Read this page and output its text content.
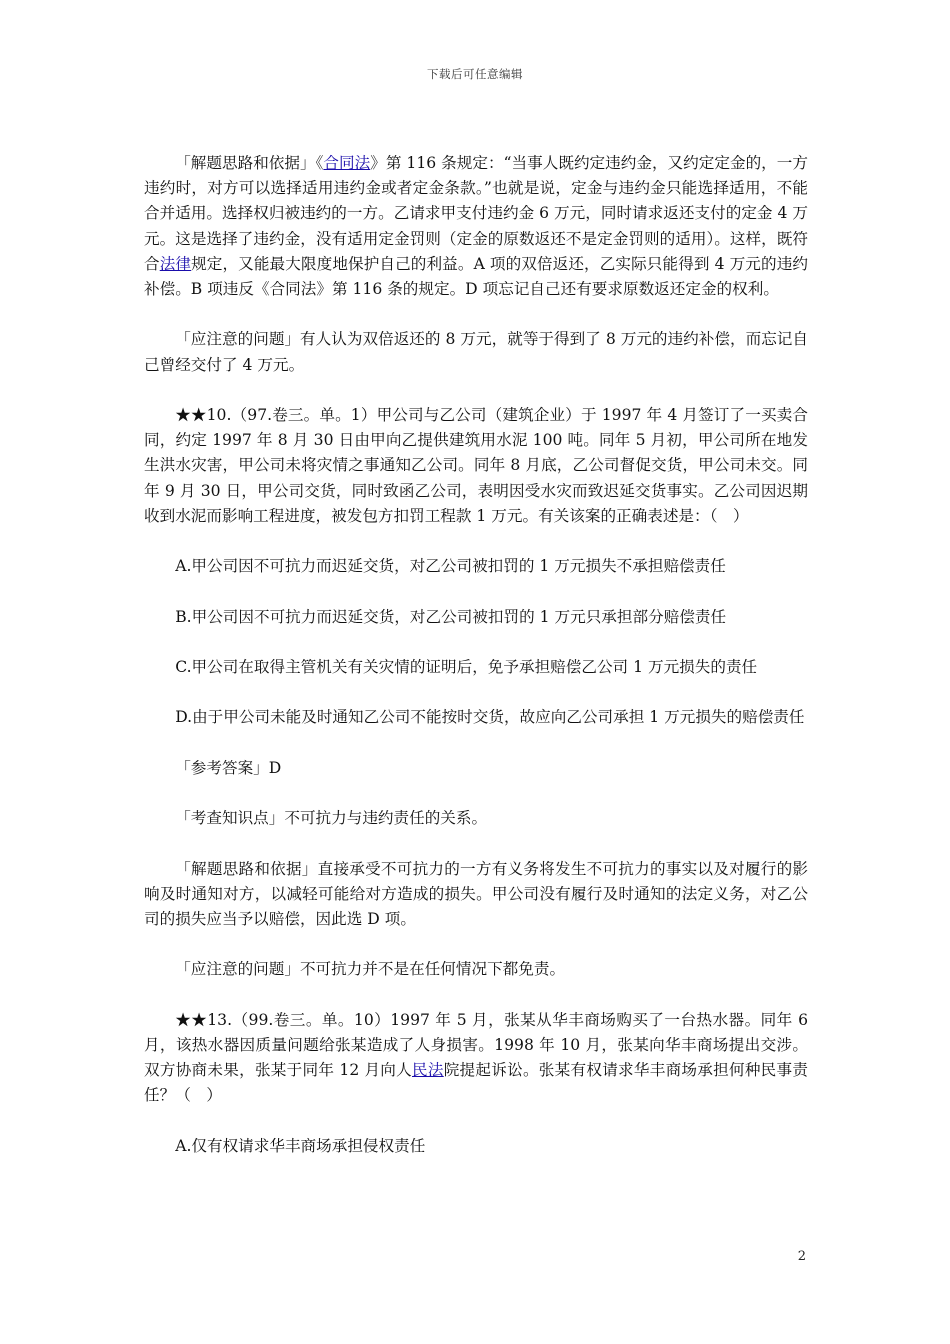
下载后可任意编辑

「解题思路和依据」《合同法》第 116 条规定：“当事人既约定违约金，又约定定金的，一方违约时，对方可以选择适用违约金或者定金条款。”也就是说，定金与违约金只能选择适用，不能合并适用。选择权归被违约的一方。乙请求甲支付违约金 6 万元，同时请求返还支付的定金 4 万元。这是选择了违约金，没有适用定金罚则（定金的原数返还不是定金罚则的适用）。这样，既符合法律规定，又能最大限度地保护自己的利益。A 项的双倍返还，乙实际只能得到 4 万元的违约补偿。B 项违反《合同法》第 116 条的规定。D 项忘记自己还有要求原数返还定金的权利。

「应注意的问题」有人认为双倍返还的 8 万元，就等于得到了 8 万元的违约补偿，而忘记自己曾经交付了 4 万元。

★★10.（97.卷三。单。1）甲公司与乙公司（建筑企业）于 1997 年 4 月签订了一买卖合同，约定 1997 年 8 月 30 日由甲向乙提供建筑用水泥 100 吨。同年 5 月初，甲公司所在地发生洪水灾害，甲公司未将灾情之事通知乙公司。同年 8 月底，乙公司督促交货，甲公司未交。同年 9 月 30 日，甲公司交货，同时致函乙公司，表明因受水灾而致迟延交货事实。乙公司因迟期收到水泥而影响工程进度，被发包方扣罚工程款 1 万元。有关该案的正确表述是：（　）

A.甲公司因不可抗力而迟延交货，对乙公司被扣罚的 1 万元损失不承担赔偿责任

B.甲公司因不可抗力而迟延交货，对乙公司被扣罚的 1 万元只承担部分赔偿责任

C.甲公司在取得主管机关有关灾情的证明后，免予承担赔偿乙公司 1 万元损失的责任

D.由于甲公司未能及时通知乙公司不能按时交货，故应向乙公司承担 1 万元损失的赔偿责任

「参考答案」D

「考查知识点」不可抗力与违约责任的关系。

「解题思路和依据」直接承受不可抗力的一方有义务将发生不可抗力的事实以及对履行的影响及时通知对方，以减轻可能给对方造成的损失。甲公司没有履行及时通知的法定义务，对乙公司的损失应当予以赔偿，因此选 D 项。

「应注意的问题」不可抗力并不是在任何情况下都免责。

★★13.（99.卷三。单。10）1997 年 5 月，张某从华丰商场购买了一台热水器。同年 6 月，该热水器因质量问题给张某造成了人身损害。1998 年 10 月，张某向华丰商场提出交涉。双方协商未果，张某于同年 12 月向人民法院提起诉讼。张某有权请求华丰商场承担何种民事责任？（　）

A.仅有权请求华丰商场承担侵权责任

2
